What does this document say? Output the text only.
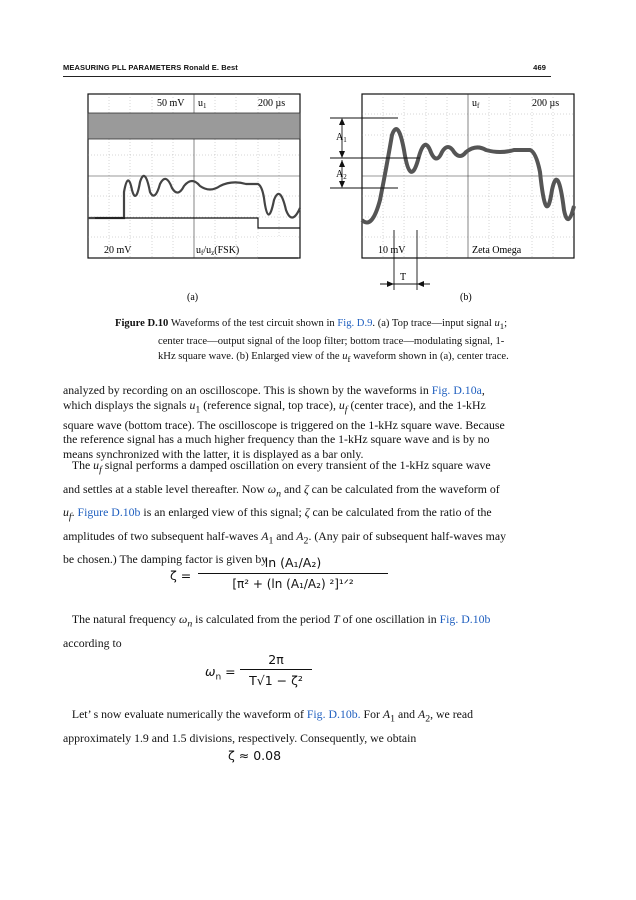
MEASURING PLL PARAMETERS Ronald E. Best	469
50 mV $u_1$	200 µs
20 mV	$u_f/u_z(FSK)$
(a)
$A_1$
$A_2$
T
$u_f$	200 µs
10 mV	Zeta Omega
(b)
Figure D.10 Waveforms of the test circuit shown in Fig. D.9. (a) Top trace—input signal $u_1$;
center trace—output signal of the loop filter; bottom trace—modulating signal, 1-
kHz square wave. (b) Enlarged view of the $u_f$ waveform shown in (a), center trace.
analyzed by recording on an oscilloscope. This is shown by the waveforms in Fig. D.10a,
which displays the signals $u_1$ (reference signal, top trace), $u_f$ (center trace), and the 1-kHz
square wave (bottom trace). The oscilloscope is triggered on the 1-kHz square wave. Because
the reference signal has a much higher frequency than the 1-kHz square wave and is by no
means synchronized with the latter, it is displayed as a bar only.
The $u_f$ signal performs a damped oscillation on every transient of the 1-kHz square wave
and settles at a stable level thereafter. Now $\omega_n$ and ζ can be calculated from the waveform of
$u_f$. Figure D.10b is an enlarged view of this signal; ζ can be calculated from the ratio of the
amplitudes of two subsequent half-waves $A_1$ and $A_2$. (Any pair of subsequent half-waves may
be chosen.) The damping factor is given by
ζ =
ln (A₁/A₂)
[π² + (ln (A₁/A₂) ²]¹ᐟ²
The natural frequency $\omega_n$ is calculated from the period T of one oscillation in Fig. D.10b
according to
$\omega_n$ =
2π
T√1 − ζ²
Let’ s now evaluate numerically the waveform of Fig. D.10b. For $A_1$ and $A_2$, we read
approximately 1.9 and 1.5 divisions, respectively. Consequently, we obtain
ζ ≈ 0.08
